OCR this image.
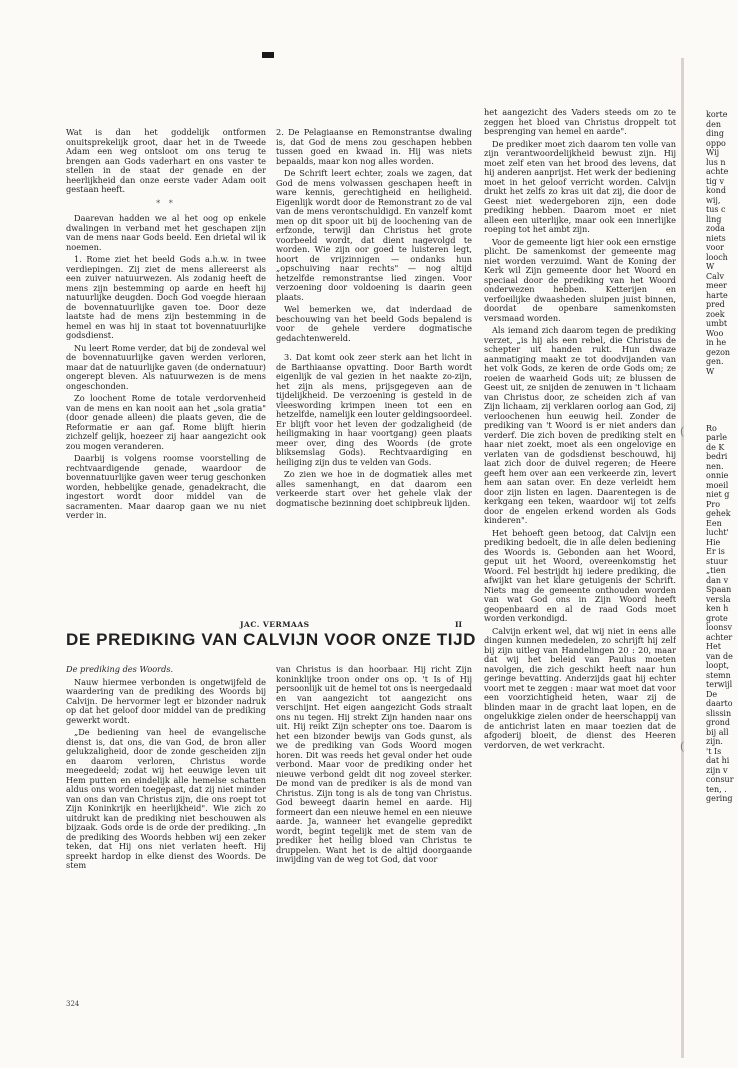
Wat is dan het goddelijk ontformen onuitsprekelijk groot, daar het in de Tweede Adam een weg ontsloot om ons terug te brengen aan Gods vaderhart en ons vaster te stellen in de staat der genade en der heerlijkheid dan onze eerste vader Adam ooit gestaan heeft.

* *

Daarevan hadden we al het oog op enkele dwalingen in verband met het geschapen zijn van de mens naar Gods beeld. Een drietal wil ik noemen.

1. Rome ziet het beeld Gods a.h.w. in twee verdiepingen. Zij ziet de mens allereerst als een zuiver natuurwezen. Als zodanig heeft de mens zijn bestemming op aarde en heeft hij natuurlijke deugden. Doch God voegde hieraan de bovennatuurlijke gaven toe. Door deze laatste had de mens zijn bestemming in de hemel en was hij in staat tot bovennatuurlijke godsdienst.

Nu leert Rome verder, dat bij de zondeval wel de bovennatuurlijke gaven werden verloren, maar dat de natuurlijke gaven (de ondernatuur) ongerept bleven. Als natuurwezen is de mens ongeschonden.

Zo loochent Rome de totale verdorvenheid van de mens en kan nooit aan het „sola gratia" (door genade alleen) die plaats geven, die de Reformatie er aan gaf. Rome blijft hierin zichzelf gelijk, hoezeer zij haar aangezicht ook zou mogen veranderen.

Daarbij is volgens roomse voorstelling de rechtvaardigende genade, waardoor de bovennatuurlijke gaven weer terug geschonken worden, hebbelijke genade, genadekracht, die ingestort wordt door middel van de sacramenten. Maar daarop gaan we nu niet verder in.

2. De Pelagiaanse en Remonstrantse dwaling is, dat God de mens zou geschapen hebben tussen goed en kwaad in. Hij was niets bepaalds, maar kon nog alles worden.

De Schrift leert echter, zoals we zagen, dat God de mens volwassen geschapen heeft in ware kennis, gerechtigheid en heiligheid. Eigenlijk wordt door de Remonstrant zo de val van de mens verontschuldigd. En vanzelf komt men op dit spoor uit bij de loochening van de erfzonde, terwijl dan Christus het grote voorbeeld wordt, dat dient nagevolgd te worden. Wie zijn oor goed te luisteren legt, hoort de vrijzinnigen — ondanks hun „opschuiving naar rechts" — nog altijd hetzelfde remonstrantse lied zingen. Voor verzoening door voldoening is daarin geen plaats.

Wel bemerken we, dat inderdaad de beschouwing van het beeld Gods bepalend is voor de gehele verdere dogmatische gedachtenwereld.

3. Dat komt ook zeer sterk aan het licht in de Barthiaanse opvatting. Door Barth wordt eigenlijk de val gezien in het naakte zo-zijn, het zijn als mens, prijsgegeven aan de tijdelijkheid. De verzoening is gesteld in de vleeswording krimpen ineen tot een en hetzelfde, namelijk een louter geldingsoordeel. Er blijft voor het leven der godzaligheid (de heiligmaking in haar voortgang) geen plaats meer over, ding des Woords (de grote bliksemslag Gods). Rechtvaardiging en heiliging zijn dus te velden van Gods.

Zo zien we hoe in de dogmatiek alles met alles samenhangt, en dat daarom een verkeerde start over het gehele vlak der dogmatische bezinning doet schipbreuk lijden.

JAC. VERMAAS	II
DE PREDIKING VAN CALVIJN VOOR ONZE TIJD

De prediking des Woords.

Nauw hiermee verbonden is ongetwijfeld de waardering van de prediking des Woords bij Calvijn. De hervormer legt er bizonder nadruk op dat het geloof door middel van de prediking gewerkt wordt.

„De bediening van heel de evangelische dienst is, dat ons, die van God, de bron aller gelukzaligheid, door de zonde gescheiden zijn en daarom verloren, Christus worde meegedeeld; zodat wij het eeuwige leven uit Hem putten en eindelijk alle hemelse schatten aldus ons worden toegepast, dat zij niet minder van ons dan van Christus zijn, die ons roept tot Zijn Koninkrijk en heerlijkheid". Wie zich zo uitdrukt kan de prediking niet beschouwen als bijzaak. Gods orde is de orde der prediking. „In de prediking des Woords hebben wij een zeker teken, dat Hij ons niet verlaten heeft. Hij spreekt hardop in elke dienst des Woords. De stem

van Christus is dan hoorbaar. Hij richt Zijn koninklijke troon onder ons op. 't Is of Hij persoonlijk uit de hemel tot ons is neergedaald en van aangezicht tot aangezicht ons verschijnt. Het eigen aangezicht Gods straalt ons nu tegen. Hij strekt Zijn handen naar ons uit. Hij reikt Zijn schepter ons toe. Daarom is het een bizonder bewijs van Gods gunst, als we de prediking van Gods Woord mogen horen. Dit was reeds het geval onder het oude verbond. Maar voor de prediking onder het nieuwe verbond geldt dit nog zoveel sterker. De mond van de prediker is als de mond van Christus. Zijn tong is als de tong van Christus. God beweegt daarin hemel en aarde. Hij formeert dan een nieuwe hemel en een nieuwe aarde. Ja, wanneer het evangelie gepredikt wordt, begint tegelijk met de stem van de prediker het heilig bloed van Christus te druppelen. Want het is de altijd doorgaande inwijding van de weg tot God, dat voor

het aangezicht des Vaders steeds om zo te zeggen het bloed van Christus droppelt tot besprenging van hemel en aarde".

De prediker moet zich daarom ten volle van zijn verantwoordelijkheid bewust zijn. Hij moet zelf eten van het brood des levens, dat hij anderen aanprijst. Het werk der bediening moet in het geloof verricht worden. Calvijn drukt het zelfs zo kras uit dat zij, die door de Geest niet wedergeboren zijn, een dode prediking hebben. Daarom moet er niet alleen een uiterlijke, maar ook een innerlijke roeping tot het ambt zijn.

Voor de gemeente ligt hier ook een ernstige plicht. De samenkomst der gemeente mag niet worden verzuimd. Want de Koning der Kerk wil Zijn gemeente door het Woord en speciaal door de prediking van het Woord onderwezen hebben. Ketterijen en verfoeilijke dwaasheden sluipen juist binnen, doordat de openbare samenkomsten versmaad worden.

Als iemand zich daarom tegen de prediking verzet, „is hij als een rebel, die Christus de schepter uit handen rukt. Hun dwaze aanmatiging maakt ze tot doodvijanden van het volk Gods, ze keren de orde Gods om; ze roeien de waarheid Gods uit; ze blussen de Geest uit, ze snijden de zenuwen in 't lichaam van Christus door, ze scheiden zich af van Zijn lichaam, zij verklaren oorlog aan God, zij verloochenen hun eeuwig heil. Zonder de prediking van 't Woord is er niet anders dan verderf. Die zich boven de prediking stelt en haar niet zoekt, moet als een ongelovige en verlaten van de godsdienst beschouwd, hij laat zich door de duivel regeren; de Heere geeft hem over aan een verkeerde zin, levert hem aan satan over. En deze verleidt hem door zijn listen en lagen. Daarentegen is de kerkgang een teken, waardoor wij tot zelfs door de engelen erkend worden als Gods kinderen".

Het behoeft geen betoog, dat Calvijn een prediking bedoelt, die in alle delen bediening des Woords is. Gebonden aan het Woord, geput uit het Woord, overeenkomstig het Woord. Fel bestrijdt hij iedere prediking, die afwijkt van het klare getuigenis der Schrift. Niets mag de gemeente onthouden worden van wat God ons in Zijn Woord heeft geopenbaard en al de raad Gods moet worden verkondigd.

Calvijn erkent wel, dat wij niet in eens alle dingen kunnen mededelen, zo schrijft hij zelf bij zijn uitleg van Handelingen 20 : 20, maar dat wij het beleid van Paulus moeten navolgen, die zich geschikt heeft naar hun geringe bevatting. Anderzijds gaat hij echter voort met te zeggen : maar wat moet dat voor een voorzichtigheid heten, waar zij de blinden maar in de gracht laat lopen, en de ongelukkige zielen onder de heerschappij van de antichrist laten en maar toezien dat de afgoderij bloeit, de dienst des Heeren verdorven, de wet verkracht.

(
(
korte
den
ding
oppo
Wij
lus n
achte
tig v
kond
wij,
tus c
ling
zoda
niets
voor
looch
W
Calv
meer
harte
pred
zoek
umbt
Woo
in he
gezon
gen.
W
Ro
parle
de K
bedri
nen.
onnie
moeil
niet g
Pro
gehek
Een
lucht'
Hie
Er is
stuur
„tien
dan v
Spaan
versla
ken h
grote
loonsv
achter
Het
van de
loopt,
stemn
terwijl
De
daarto
slissin
grond
bij all
zijn.
't Is
dat hi
zijn v
consur
ten, .
gering
324
